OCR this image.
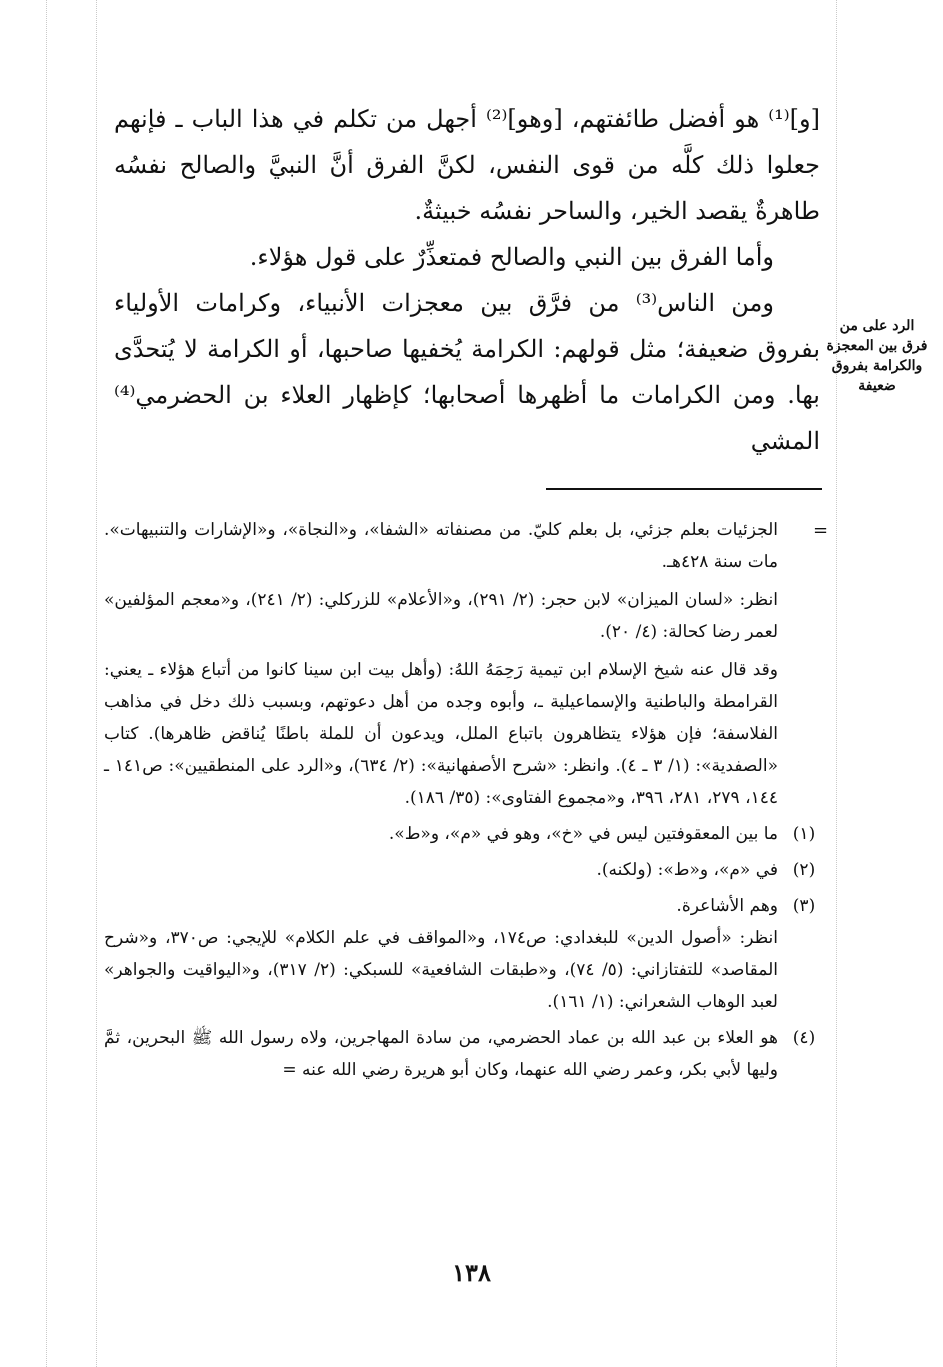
[و]⁽¹⁾ هو أفضل طائفتهم، [وهو]⁽²⁾ أجهل من تكلم في هذا الباب ـ فإنهم جعلوا ذلك كلَّه من قوى النفس، لكنَّ الفرق أنَّ النبيَّ والصالح نفسُه طاهرةٌ يقصد الخير، والساحر نفسُه خبيثةٌ.

وأما الفرق بين النبي والصالح فمتعذِّرٌ على قول هؤلاء.

ومن الناس⁽³⁾ من فرَّق بين معجزات الأنبياء، وكرامات الأولياء بفروق ضعيفة؛ مثل قولهم: الكرامة يُخفيها صاحبها، أو الكرامة لا يُتحدَّى بها. ومن الكرامات ما أظهرها أصحابها؛ كإظهار العلاء بن الحضرمي⁽⁴⁾ المشي

الرد على من فرق بين المعجزة والكرامة بفروق ضعيفة
=

الجزئيات بعلم جزئي، بل بعلم كليّ. من مصنفاته «الشفا»، و«النجاة»، و«الإشارات والتنبيهات». مات سنة ٤٢٨هـ.

انظر: «لسان الميزان» لابن حجر: (٢/ ٢٩١)، و«الأعلام» للزركلي: (٢/ ٢٤١)، و«معجم المؤلفين» لعمر رضا كحالة: (٤/ ٢٠).

وقد قال عنه شيخ الإسلام ابن تيمية رَحِمَهُ اللهُ: (وأهل بيت ابن سينا كانوا من أتباع هؤلاء ـ يعني: القرامطة والباطنية والإسماعيلية ـ، وأبوه وجده من أهل دعوتهم، وبسبب ذلك دخل في مذاهب الفلاسفة؛ فإن هؤلاء يتظاهرون باتباع الملل، ويدعون أن للملة باطنًا يُناقض ظاهرها). كتاب «الصفدية»: (١/ ٣ ـ ٤). وانظر: «شرح الأصفهانية»: (٢/ ٦٣٤)، و«الرد على المنطقيين»: ص١٤١ ـ ١٤٤، ٢٧٩، ٢٨١، ٣٩٦، و«مجموع الفتاوى»: (٣٥/ ١٨٦).

(١)
ما بين المعقوفتين ليس في «خ»، وهو في «م»، و«ط».

(٢)
في «م»، و«ط»: (ولكنه).

(٣)
وهم الأشاعرة.

انظر: «أصول الدين» للبغدادي: ص١٧٤، و«المواقف في علم الكلام» للإيجي: ص٣٧٠، و«شرح المقاصد» للتفتازاني: (٥/ ٧٤)، و«طبقات الشافعية» للسبكي: (٢/ ٣١٧)، و«اليواقيت والجواهر» لعبد الوهاب الشعراني: (١/ ١٦١).

(٤)
هو العلاء بن عبد الله بن عماد الحضرمي، من سادة المهاجرين، ولاه رسول الله ﷺ البحرين، ثمَّ وليها لأبي بكر، وعمر رضي الله عنهما، وكان أبو هريرة رضي الله عنه =

١٣٨
